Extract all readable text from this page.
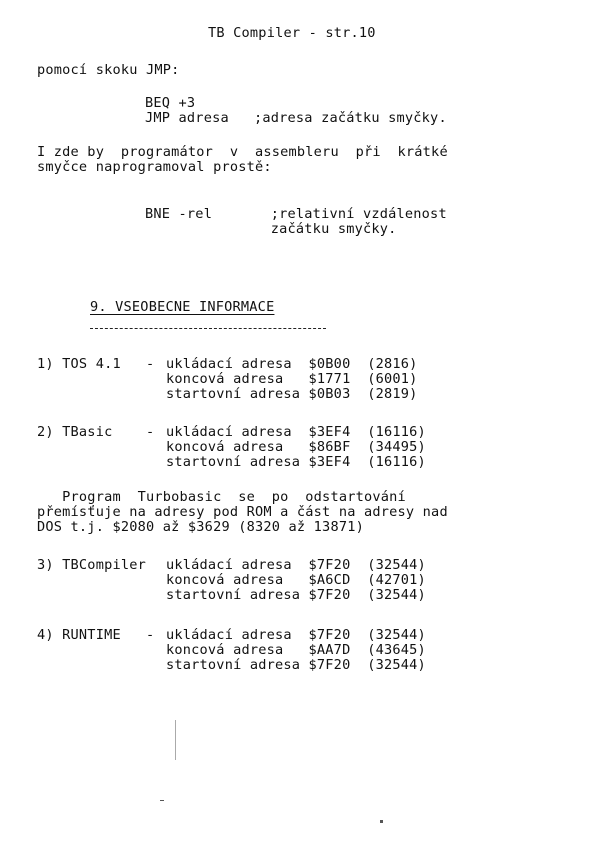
TB Compiler - str.10
pomocí skoku JMP:
BEQ +3
JMP adresa   ;adresa začátku smyčky.
I zde by  programátor  v  assembleru  při  krátké
smyčce naprogramoval prostě:
BNE -rel       ;relativní vzdálenost
začátku smyčky.
9. VSEOBECNE INFORMACE
1) TOS 4.1   - ukládací adresa  $0B00  (2816)
koncová adresa   $1771  (6001)
startovní adresa $0B03  (2819)
2) TBasic    - ukládací adresa  $3EF4  (16116)
koncová adresa   $86BF  (34495)
startovní adresa $3EF4  (16116)
Program  Turbobasic  se  po  odstartování
přemísťuje na adresy pod ROM a část na adresy nad
DOS t.j. $2080 až $3629 (8320 až 13871)
3) TBCompiler ukládací adresa  $7F20  (32544)
koncová adresa   $A6CD  (42701)
startovní adresa $7F20  (32544)
4) RUNTIME   - ukládací adresa  $7F20  (32544)
koncová adresa   $AA7D  (43645)
startovní adresa $7F20  (32544)
